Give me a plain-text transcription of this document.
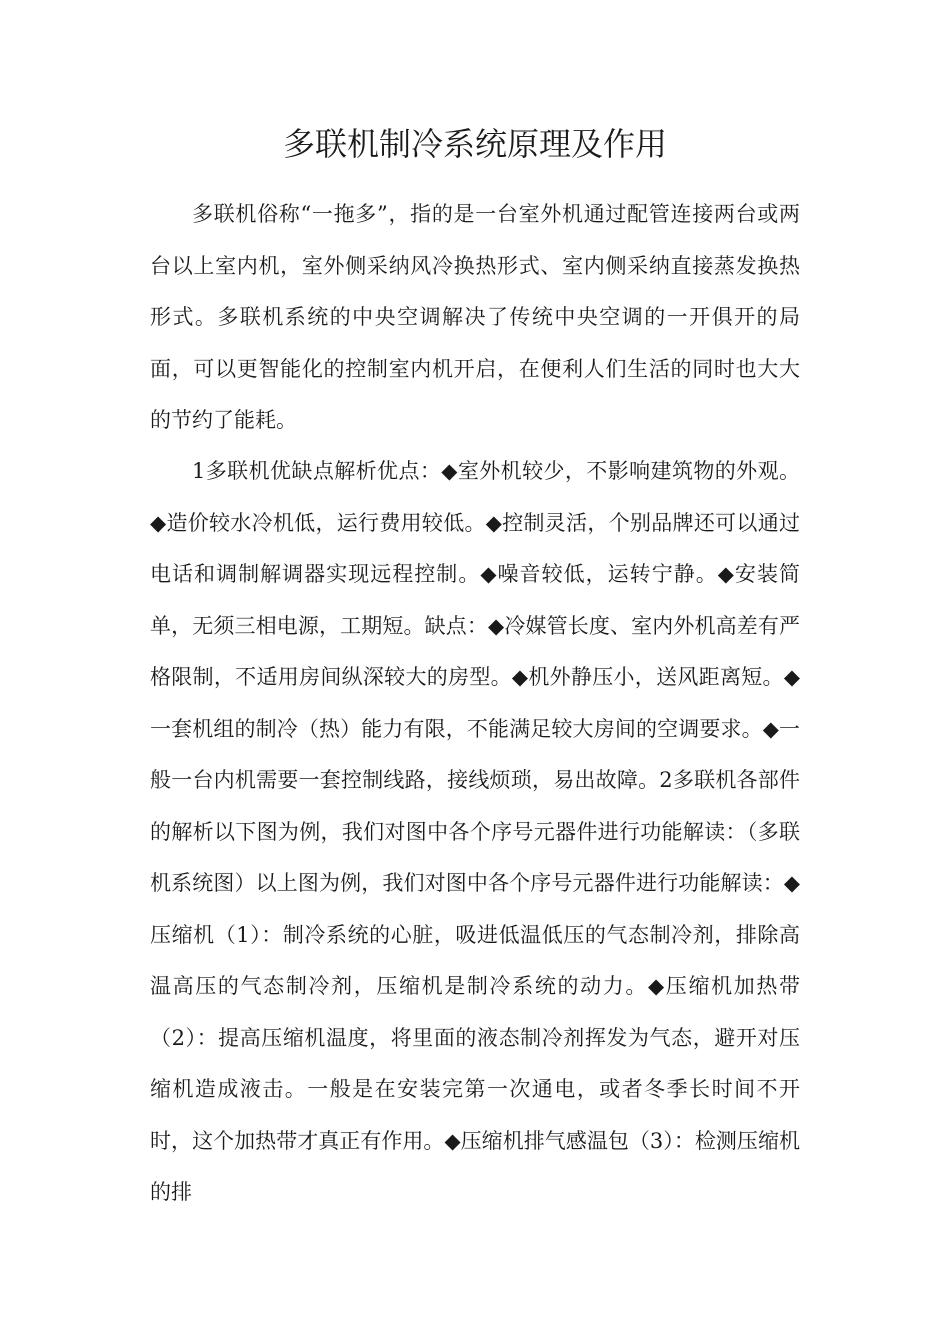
多联机制冷系统原理及作用

多联机俗称“一拖多”，指的是一台室外机通过配管连接两台或两台以上室内机，室外侧采纳风冷换热形式、室内侧采纳直接蒸发换热形式。多联机系统的中央空调解决了传统中央空调的一开俱开的局面，可以更智能化的控制室内机开启，在便利人们生活的同时也大大的节约了能耗。

1多联机优缺点解析优点：◆室外机较少，不影响建筑物的外观。◆造价较水冷机低，运行费用较低。◆控制灵活，个别品牌还可以通过电话和调制解调器实现远程控制。◆噪音较低，运转宁静。◆安装简单，无须三相电源，工期短。缺点：◆冷媒管长度、室内外机高差有严格限制，不适用房间纵深较大的房型。◆机外静压小，送风距离短。◆一套机组的制冷（热）能力有限，不能满足较大房间的空调要求。◆一般一台内机需要一套控制线路，接线烦琐，易出故障。2多联机各部件的解析以下图为例，我们对图中各个序号元器件进行功能解读：（多联机系统图）以上图为例，我们对图中各个序号元器件进行功能解读：◆压缩机（1）：制冷系统的心脏，吸进低温低压的气态制冷剂，排除高温高压的气态制冷剂，压缩机是制冷系统的动力。◆压缩机加热带（2）：提高压缩机温度，将里面的液态制冷剂挥发为气态，避开对压缩机造成液击。一般是在安装完第一次通电，或者冬季长时间不开时，这个加热带才真正有作用。◆压缩机排气感温包（3）：检测压缩机的排
